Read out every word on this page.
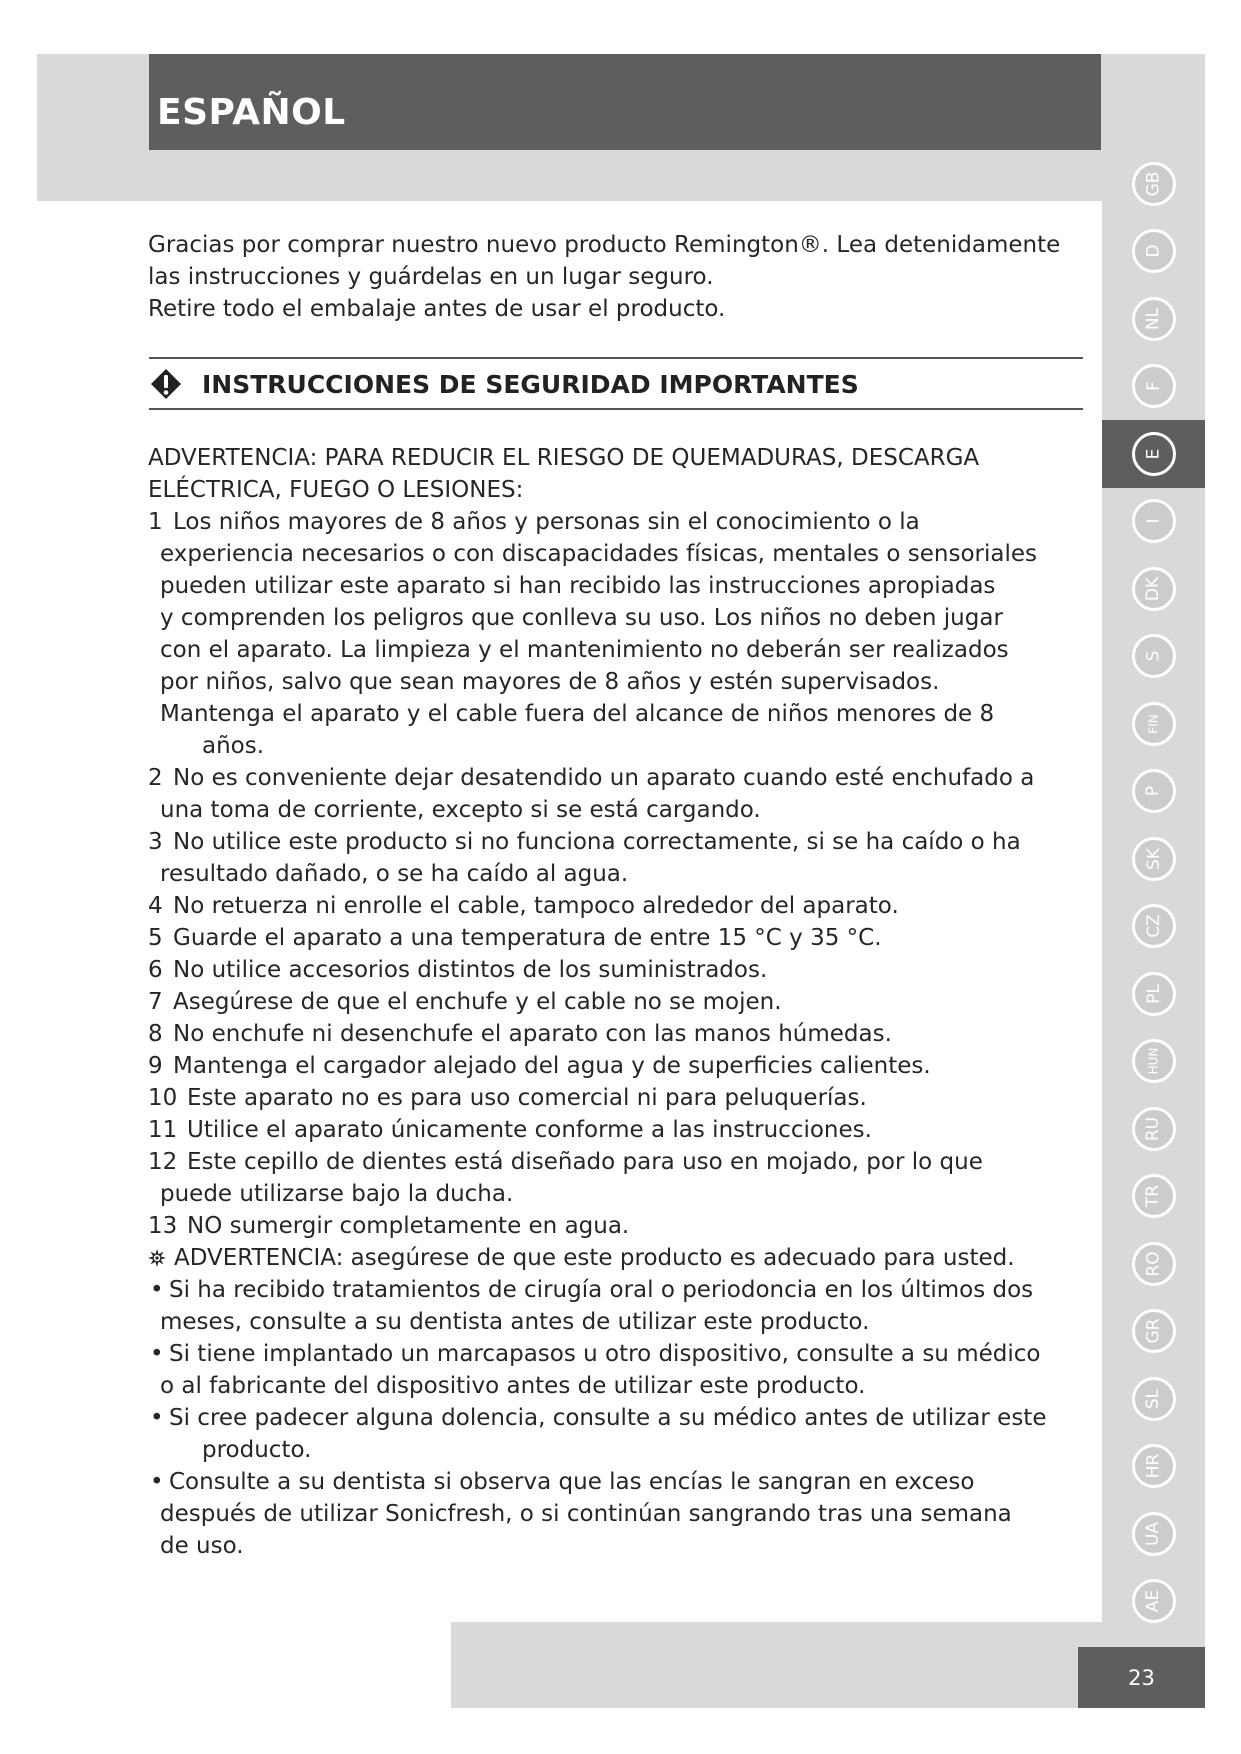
ESPAÑOL

Gracias por comprar nuestro nuevo producto Remington®. Lea detenidamente

las instrucciones y guárdelas en un lugar seguro.

Retire todo el embalaje antes de usar el producto.

INSTRUCCIONES DE SEGURIDAD IMPORTANTES
ADVERTENCIA: PARA REDUCIR EL RIESGO DE QUEMADURAS, DESCARGA
ELÉCTRICA, FUEGO O LESIONES:
1 Los niños mayores de 8 años y personas sin el conocimiento o la
experiencia necesarios o con discapacidades físicas, mentales o sensoriales
pueden utilizar este aparato si han recibido las instrucciones apropiadas
y comprenden los peligros que conlleva su uso. Los niños no deben jugar
con el aparato. La limpieza y el mantenimiento no deberán ser realizados
por niños, salvo que sean mayores de 8 años y estén supervisados.
Mantenga el aparato y el cable fuera del alcance de niños menores de 8
años.
2 No es conveniente dejar desatendido un aparato cuando esté enchufado a
una toma de corriente, excepto si se está cargando.
3 No utilice este producto si no funciona correctamente, si se ha caído o ha
resultado dañado, o se ha caído al agua.
4 No retuerza ni enrolle el cable, tampoco alrededor del aparato.
5 Guarde el aparato a una temperatura de entre 15 °C y 35 °C.
6 No utilice accesorios distintos de los suministrados.
7 Asegúrese de que el enchufe y el cable no se mojen.
8 No enchufe ni desenchufe el aparato con las manos húmedas.
9 Mantenga el cargador alejado del agua y de superficies calientes.
10 Este aparato no es para uso comercial ni para peluquerías.
11 Utilice el aparato únicamente conforme a las instrucciones.
12 Este cepillo de dientes está diseñado para uso en mojado, por lo que
puede utilizarse bajo la ducha.
13 NO sumergir completamente en agua.
ADVERTENCIA: asegúrese de que este producto es adecuado para usted.
• Si ha recibido tratamientos de cirugía oral o periodoncia en los últimos dos
meses, consulte a su dentista antes de utilizar este producto.
• Si tiene implantado un marcapasos u otro dispositivo, consulte a su médico
o al fabricante del dispositivo antes de utilizar este producto.
• Si cree padecer alguna dolencia, consulte a su médico antes de utilizar este
producto.
• Consulte a su dentista si observa que las encías le sangran en exceso
después de utilizar Sonicfresh, o si continúan sangrando tras una semana
de uso.
GB
D
NL
F
E
I
DK
S
FIN
P
SK
CZ
PL
HUN
RU
TR
RO
GR
SL
HR
UA
AE
23
